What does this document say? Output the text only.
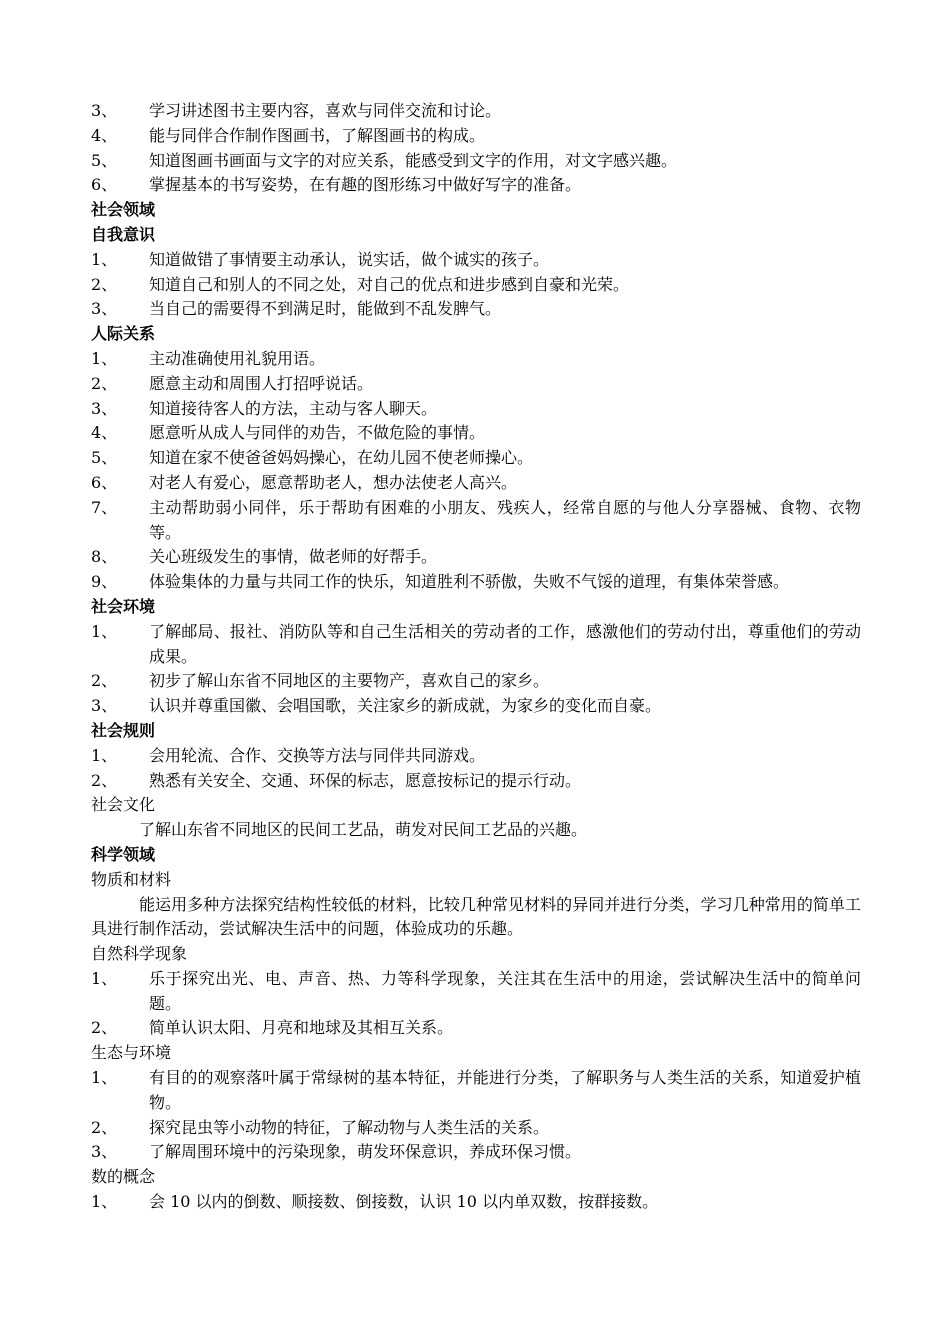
3、 学习讲述图书主要内容，喜欢与同伴交流和讨论。
4、 能与同伴合作制作图画书，了解图画书的构成。
5、 知道图画书画面与文字的对应关系，能感受到文字的作用，对文字感兴趣。
6、 掌握基本的书写姿势，在有趣的图形练习中做好写字的准备。
社会领域
自我意识
1、 知道做错了事情要主动承认，说实话，做个诚实的孩子。
2、 知道自己和别人的不同之处，对自己的优点和进步感到自豪和光荣。
3、 当自己的需要得不到满足时，能做到不乱发脾气。
人际关系
1、 主动准确使用礼貌用语。
2、 愿意主动和周围人打招呼说话。
3、 知道接待客人的方法，主动与客人聊天。
4、 愿意听从成人与同伴的劝告，不做危险的事情。
5、 知道在家不使爸爸妈妈操心，在幼儿园不使老师操心。
6、 对老人有爱心，愿意帮助老人，想办法使老人高兴。
7、 主动帮助弱小同伴，乐于帮助有困难的小朋友、残疾人，经常自愿的与他人分享器械、食物、衣物等。
8、 关心班级发生的事情，做老师的好帮手。
9、 体验集体的力量与共同工作的快乐，知道胜利不骄傲，失败不气馁的道理，有集体荣誉感。
社会环境
1、 了解邮局、报社、消防队等和自己生活相关的劳动者的工作，感激他们的劳动付出，尊重他们的劳动成果。
2、 初步了解山东省不同地区的主要物产，喜欢自己的家乡。
3、 认识并尊重国徽、会唱国歌，关注家乡的新成就，为家乡的变化而自豪。
社会规则
1、 会用轮流、合作、交换等方法与同伴共同游戏。
2、 熟悉有关安全、交通、环保的标志，愿意按标记的提示行动。
社会文化
了解山东省不同地区的民间工艺品，萌发对民间工艺品的兴趣。
科学领域
物质和材料
能运用多种方法探究结构性较低的材料，比较几种常见材料的异同并进行分类，学习几种常用的简单工具进行制作活动，尝试解决生活中的问题，体验成功的乐趣。
自然科学现象
1、 乐于探究出光、电、声音、热、力等科学现象，关注其在生活中的用途，尝试解决生活中的简单问题。
2、 简单认识太阳、月亮和地球及其相互关系。
生态与环境
1、 有目的的观察落叶属于常绿树的基本特征，并能进行分类，了解职务与人类生活的关系，知道爱护植物。
2、 探究昆虫等小动物的特征，了解动物与人类生活的关系。
3、 了解周围环境中的污染现象，萌发环保意识，养成环保习惯。
数的概念
1、 会 10 以内的倒数、顺接数、倒接数，认识 10 以内单双数，按群接数。
